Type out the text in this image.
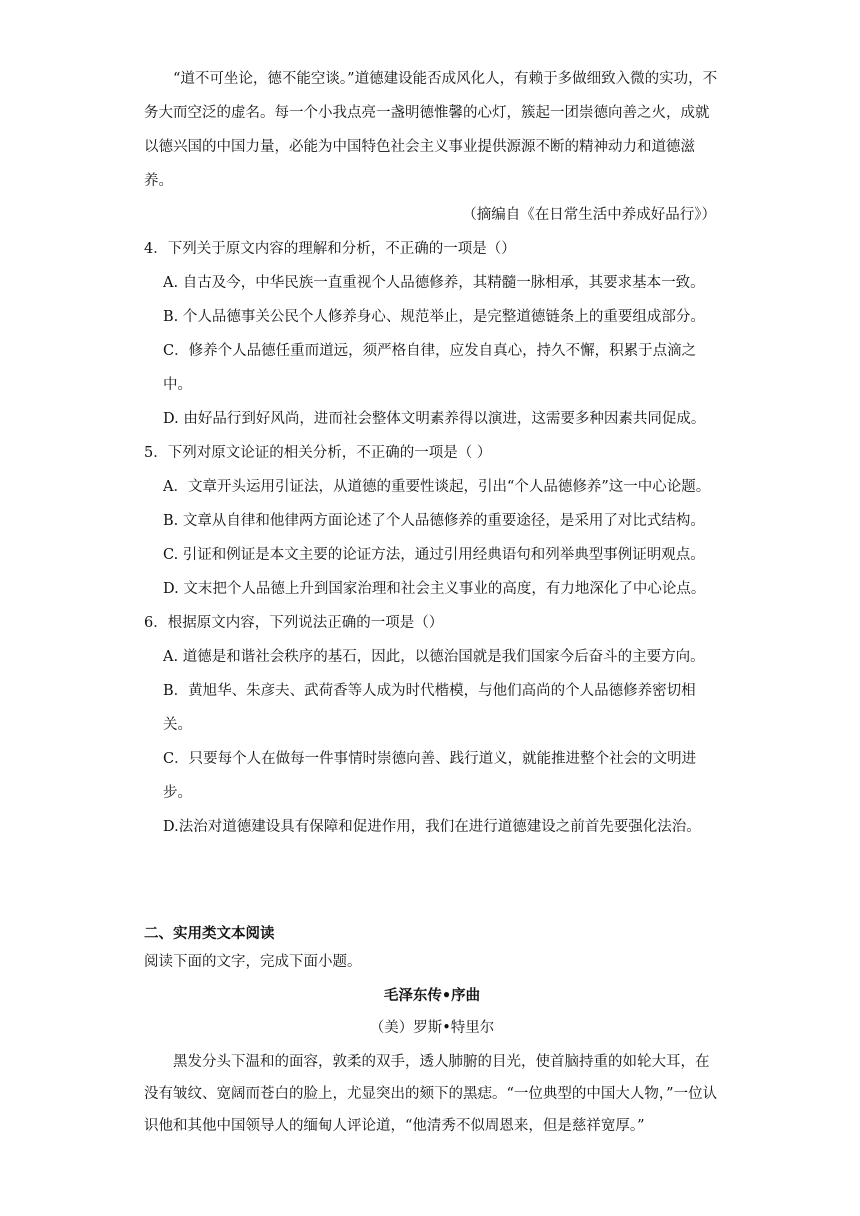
“道不可坐论，德不能空谈。”道德建设能否成风化人，有赖于多做细致入微的实功，不务大而空泛的虚名。每一个小我点亮一盏明德惟馨的心灯，簇起一团崇德向善之火，成就以德兴国的中国力量，必能为中国特色社会主义事业提供源源不断的精神动力和道德滋养。

（摘编自《在日常生活中养成好品行》）

4．下列关于原文内容的理解和分析，不正确的一项是（）

A. 自古及今，中华民族一直重视个人品德修养，其精髓一脉相承，其要求基本一致。

B. 个人品德事关公民个人修养身心、规范举止，是完整道德链条上的重要组成部分。

C．修养个人品德任重而道远，须严格自律，应发自真心，持久不懈，积累于点滴之中。

D. 由好品行到好风尚，进而社会整体文明素养得以演进，这需要多种因素共同促成。

5．下列对原文论证的相关分析，不正确的一项是（ ）

A．文章开头运用引证法，从道德的重要性谈起，引出“个人品德修养”这一中心论题。

B. 文章从自律和他律两方面论述了个人品德修养的重要途径，是采用了对比式结构。

C. 引证和例证是本文主要的论证方法，通过引用经典语句和列举典型事例证明观点。

D. 文末把个人品德上升到国家治理和社会主义事业的高度，有力地深化了中心论点。

6．根据原文内容，下列说法正确的一项是（）

A. 道德是和谐社会秩序的基石，因此，以德治国就是我们国家今后奋斗的主要方向。

B．黄旭华、朱彦夫、武荷香等人成为时代楷模，与他们高尚的个人品德修养密切相关。

C．只要每个人在做每一件事情时崇德向善、践行道义，就能推进整个社会的文明进步。

D.法治对道德建设具有保障和促进作用，我们在进行道德建设之前首先要强化法治。

二、实用类文本阅读

阅读下面的文字，完成下面小题。

毛泽东传•序曲

（美）罗斯•特里尔

黑发分头下温和的面容，敦柔的双手，透人肺腑的目光，使首脑持重的如轮大耳，在没有皱纹、宽阔而苍白的脸上，尤显突出的颏下的黑痣。“一位典型的中国大人物，”一位认识他和其他中国领导人的缅甸人评论道，“他清秀不似周恩来，但是慈祥宽厚。”
